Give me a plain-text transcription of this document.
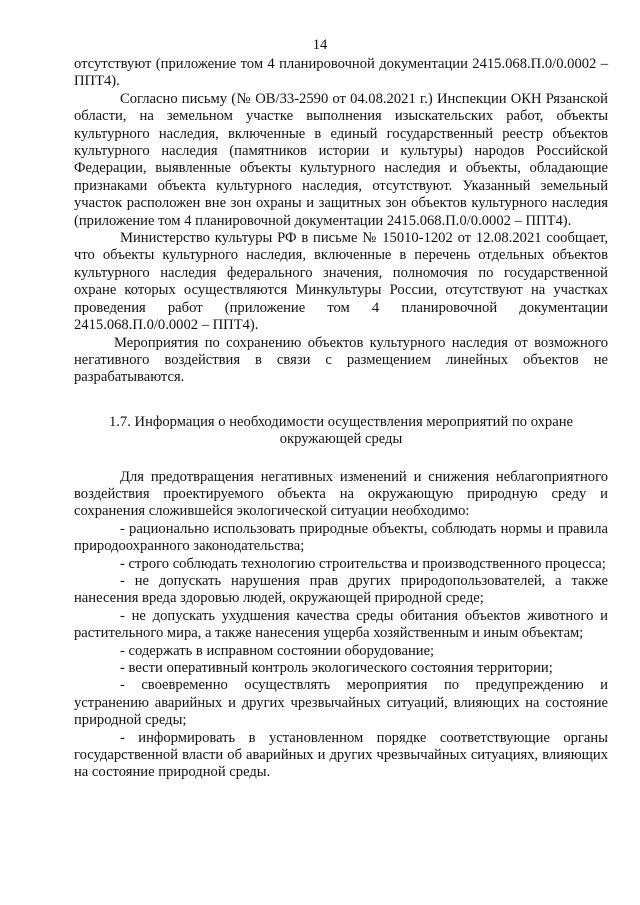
14

отсутствуют (приложение том 4 планировочной документации 2415.068.П.0/0.0002 – ППТ4).

Согласно письму (№ ОВ/33-2590 от 04.08.2021 г.) Инспекции ОКН Рязанской области, на земельном участке выполнения изыскательских работ, объекты культурного наследия, включенные в единый государственный реестр объектов культурного наследия (памятников истории и культуры) народов Российской Федерации, выявленные объекты культурного наследия и объекты, обладающие признаками объекта культурного наследия, отсутствуют. Указанный земельный участок расположен вне зон охраны и защитных зон объектов культурного наследия (приложение том 4 планировочной документации 2415.068.П.0/0.0002 – ППТ4).

Министерство культуры РФ в письме № 15010-1202 от 12.08.2021 сообщает, что объекты культурного наследия, включенные в перечень отдельных объектов культурного наследия федерального значения, полномочия по государственной охране которых осуществляются Минкультуры России, отсутствуют на участках проведения работ (приложение том 4 планировочной документации 2415.068.П.0/0.0002 – ППТ4).

Мероприятия по сохранению объектов культурного наследия от возможного негативного воздействия в связи с размещением линейных объектов не разрабатываются.

1.7. Информация о необходимости осуществления мероприятий по охране окружающей среды

Для предотвращения негативных изменений и снижения неблагоприятного воздействия проектируемого объекта на окружающую природную среду и сохранения сложившейся экологической ситуации необходимо:

- рационально использовать природные объекты, соблюдать нормы и правила природоохранного законодательства;

- строго соблюдать технологию строительства и производственного процесса;

- не допускать нарушения прав других природопользователей, а также нанесения вреда здоровью людей, окружающей природной среде;

- не допускать ухудшения качества среды обитания объектов животного и растительного мира, а также нанесения ущерба хозяйственным и иным объектам;

- содержать в исправном состоянии оборудование;

- вести оперативный контроль экологического состояния территории;

- своевременно осуществлять мероприятия по предупреждению и устранению аварийных и других чрезвычайных ситуаций, влияющих на состояние природной среды;

- информировать в установленном порядке соответствующие органы государственной власти об аварийных и других чрезвычайных ситуациях, влияющих на состояние природной среды.
